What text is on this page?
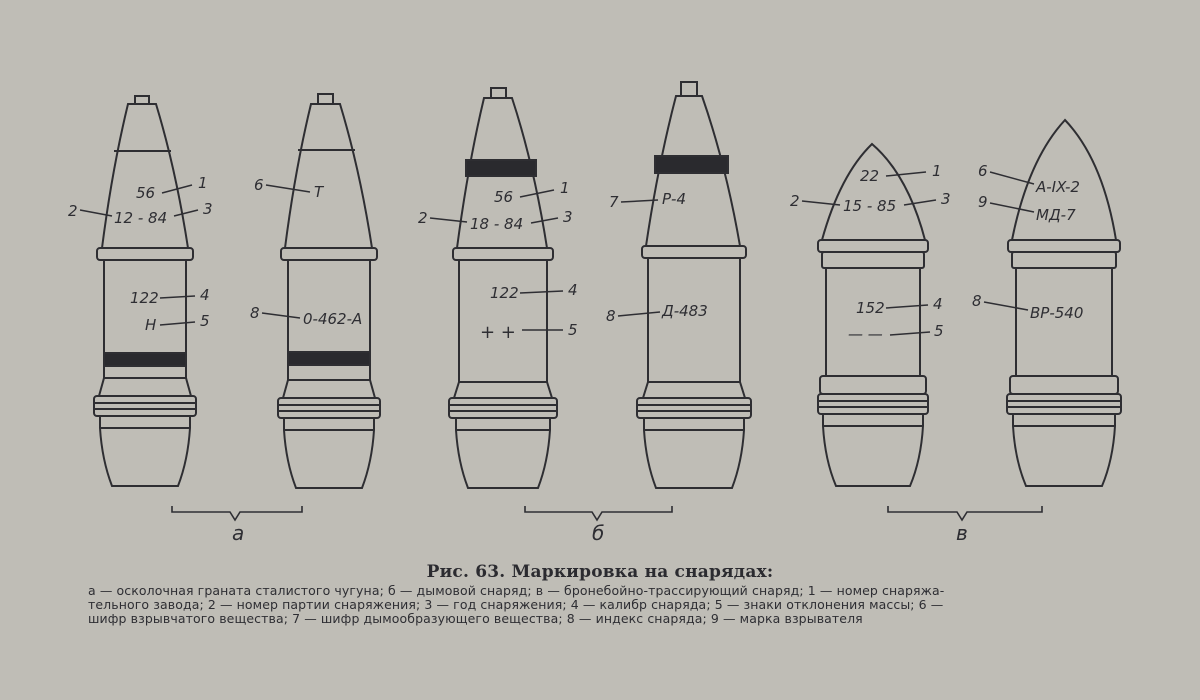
56
1
2 12 - 84 3
122	4
Н	5
6	Т
8	0-462-А
а
56	1
2	18 - 84	3
122	4
+ +	5
7	Р-4
8	Д-483
б
22	1
2	15 - 85	3
152	4
— —	5
6
А-IX-2
9
МД-7
8
ВР-540
в
Рис. 63. Маркировка на снарядах:
а — осколочная граната сталистого чугуна; б — дымовой снаряд; в — бронебойно-трассирующий снаряд; 1 — номер снаряжа-
тельного завода; 2 — номер партии снаряжения; 3 — год снаряжения; 4 — калибр снаряда; 5 — знаки отклонения массы; 6 —
шифр взрывчатого вещества; 7 — шифр дымообразующего вещества; 8 — индекс снаряда; 9 — марка взрывателя
